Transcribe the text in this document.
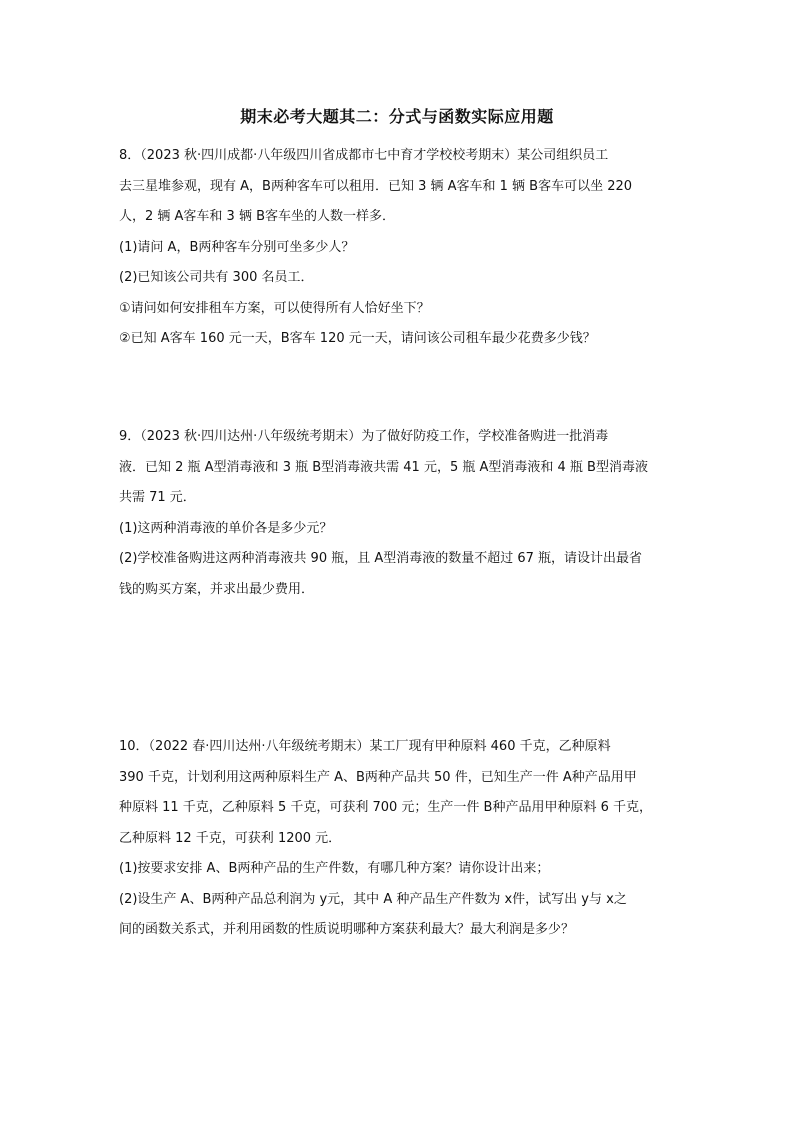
期末必考大题其二：分式与函数实际应用题
8．（2023 秋·四川成都·八年级四川省成都市七中育才学校校考期末）某公司组织员工
去三星堆参观，现有 A，B两种客车可以租用．已知 3 辆 A客车和 1 辆 B客车可以坐 220
人，2 辆 A客车和 3 辆 B客车坐的人数一样多．
(1)请问 A，B两种客车分别可坐多少人？
(2)已知该公司共有 300 名员工．
①请问如何安排租车方案，可以使得所有人恰好坐下？
②已知 A客车 160 元一天，B客车 120 元一天，请问该公司租车最少花费多少钱？
9．（2023 秋·四川达州·八年级统考期末）为了做好防疫工作，学校准备购进一批消毒
液．已知 2 瓶 A型消毒液和 3 瓶 B型消毒液共需 41 元，5 瓶 A型消毒液和 4 瓶 B型消毒液
共需 71 元．
(1)这两种消毒液的单价各是多少元？
(2)学校准备购进这两种消毒液共 90 瓶，且 A型消毒液的数量不超过 67 瓶，请设计出最省
钱的购买方案，并求出最少费用．
10．（2022 春·四川达州·八年级统考期末）某工厂现有甲种原料 460 千克，乙种原料
390 千克，计划利用这两种原料生产 A、B两种产品共 50 件，已知生产一件 A种产品用甲
种原料 11 千克，乙种原料 5 千克，可获利 700 元；生产一件 B种产品用甲种原料 6 千克，
乙种原料 12 千克，可获利 1200 元．
(1)按要求安排 A、B两种产品的生产件数，有哪几种方案？请你设计出来；
(2)设生产 A、B两种产品总利润为 y元，其中 A 种产品生产件数为 x件，试写出 y与 x之
间的函数关系式，并利用函数的性质说明哪种方案获利最大？最大利润是多少？
